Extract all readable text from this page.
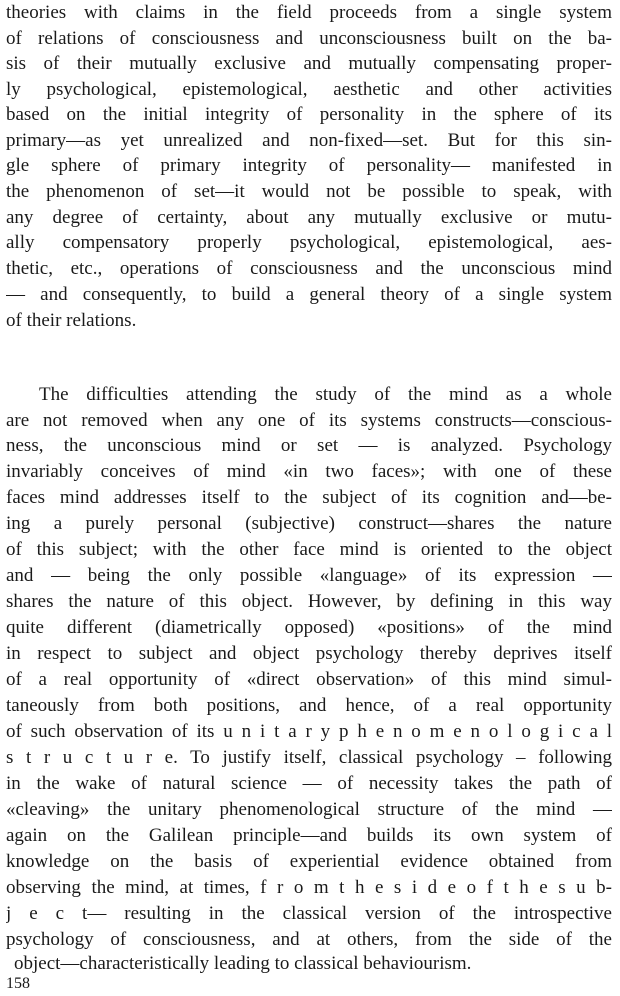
theories with claims in the field proceeds from a single system
of relations of consciousness and unconsciousness built on the ba-
sis of their mutually exclusive and mutually compensating proper-
ly psychological, epistemological, aesthetic and other activities
based on the initial integrity of personality in the sphere of its
primary—as yet unrealized and non-fixed—set. But for this sin-
gle sphere of primary integrity of personality— manifested in
the phenomenon of set—it would not be possible to speak, with
any degree of certainty, about any mutually exclusive or mutu-
ally compensatory properly psychological, epistemological, aes-
thetic, etc., operations of consciousness and the unconscious mind
— and consequently, to build a general theory of a single system
of their relations.
The difficulties attending the study of the mind as a whole
are not removed when any one of its systems constructs—conscious-
ness, the unconscious mind or set — is analyzed. Psychology
invariably conceives of mind «in two faces»; with one of these
faces mind addresses itself to the subject of its cognition and—be-
ing a purely personal (subjective) construct—shares the nature
of this subject; with the other face mind is oriented to the object
and — being the only possible «language» of its expression —
shares the nature of this object. However, by defining in this way
quite different (diametrically opposed) «positions» of the mind
in respect to subject and object psychology thereby deprives itself
of a real opportunity of «direct observation» of this mind simul-
taneously from both positions, and hence, of a real opportunity
of such observation of its u n i t a r y p h e n o m e n o l o g i c a l
s t r u c t u r e. To justify itself, classical psychology – following
in the wake of natural science — of necessity takes the path of
«cleaving» the unitary phenomenological structure of the mind —
again on the Galilean principle—and builds its own system of
knowledge on the basis of experiential evidence obtained from
observing the mind, at times, f r o m t h e s i d e o f t h e s u b-
j e c t— resulting in the classical version of the introspective
psychology of consciousness, and at others, from the side of the
object—characteristically leading to classical behaviourism.
158
